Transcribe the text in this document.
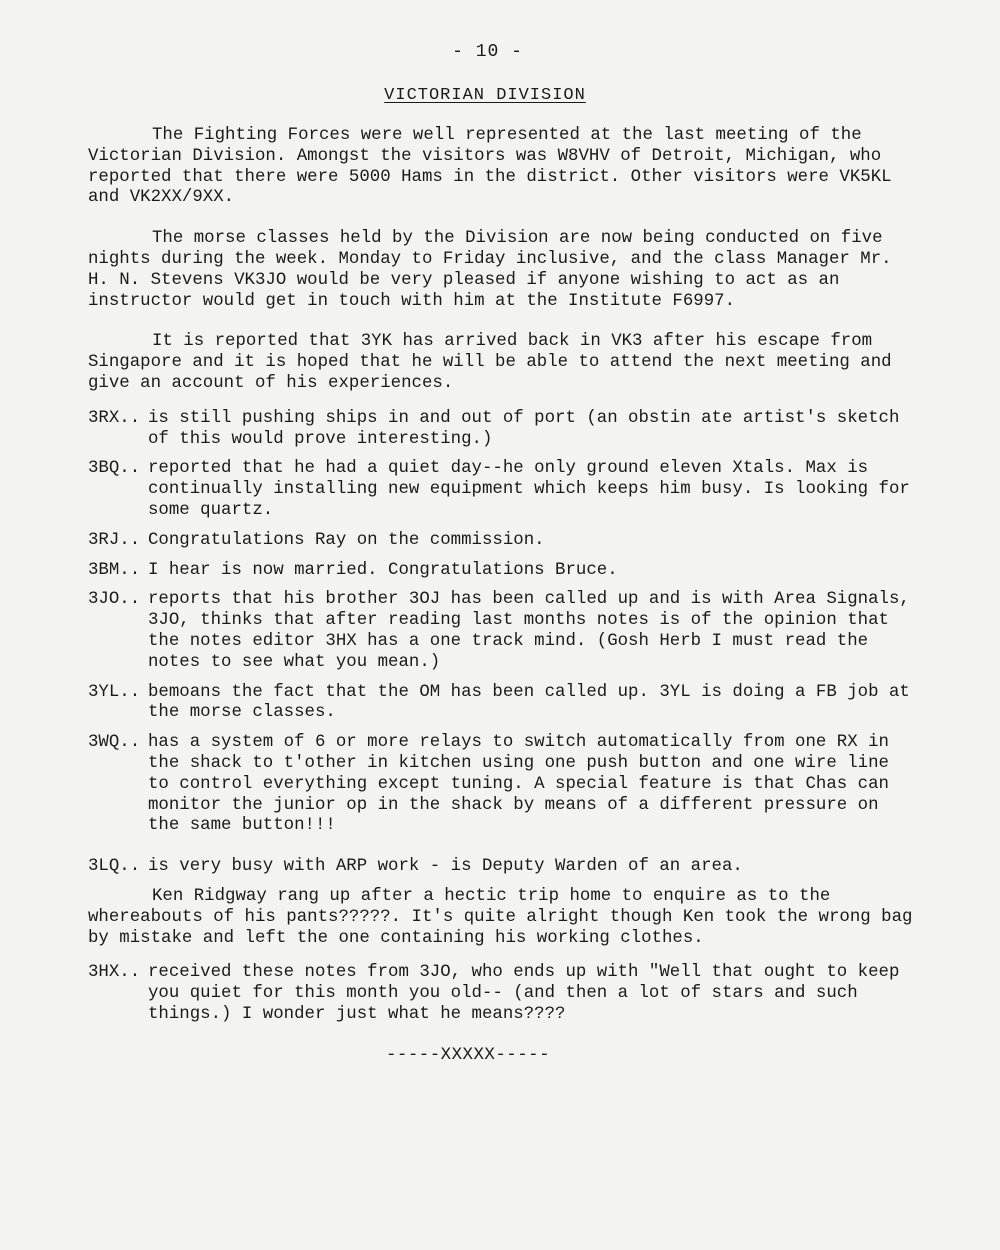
- 10 -
VICTORIAN DIVISION

The Fighting Forces were well represented at the last meeting of the Victorian Division. Amongst the visitors was W8VHV of Detroit, Michigan, who reported that there were 5000 Hams in the district. Other visitors were VK5KL and VK2XX/9XX.

The morse classes held by the Division are now being conducted on five nights during the week. Monday to Friday inclusive, and the class Manager Mr. H. N. Stevens VK3JO would be very pleased if anyone wishing to act as an instructor would get in touch with him at the Institute F6997.

It is reported that 3YK has arrived back in VK3 after his escape from Singapore and it is hoped that he will be able to attend the next meeting and give an account of his experiences.

3RX.. is still pushing ships in and out of port (an obstin ate artist's sketch of this would prove interesting.)
3BQ.. reported that he had a quiet day--he only ground eleven Xtals. Max is continually installing new equipment which keeps him busy. Is looking for some quartz.
3RJ.. Congratulations Ray on the commission.
3BM.. I hear is now married. Congratulations Bruce.
3JO.. reports that his brother 3OJ has been called up and is with Area Signals, 3JO, thinks that after reading last months notes is of the opinion that the notes editor 3HX has a one track mind. (Gosh Herb I must read the notes to see what you mean.)
3YL.. bemoans the fact that the OM has been called up. 3YL is doing a FB job at the morse classes.
3WQ.. has a system of 6 or more relays to switch automatically from one RX in the shack to t'other in kitchen using one push button and one wire line to control everything except tuning. A special feature is that Chas can monitor the junior op in the shack by means of a different pressure on the same button!!!
3LQ.. is very busy with ARP work - is Deputy Warden of an area.

Ken Ridgway rang up after a hectic trip home to enquire as to the whereabouts of his pants?????. It's quite alright though Ken took the wrong bag by mistake and left the one containing his working clothes.

3HX.. received these notes from 3JO, who ends up with "Well that ought to keep you quiet for this month you old-- (and then a lot of stars and such things.) I wonder just what he means????
-----XXXXX-----
